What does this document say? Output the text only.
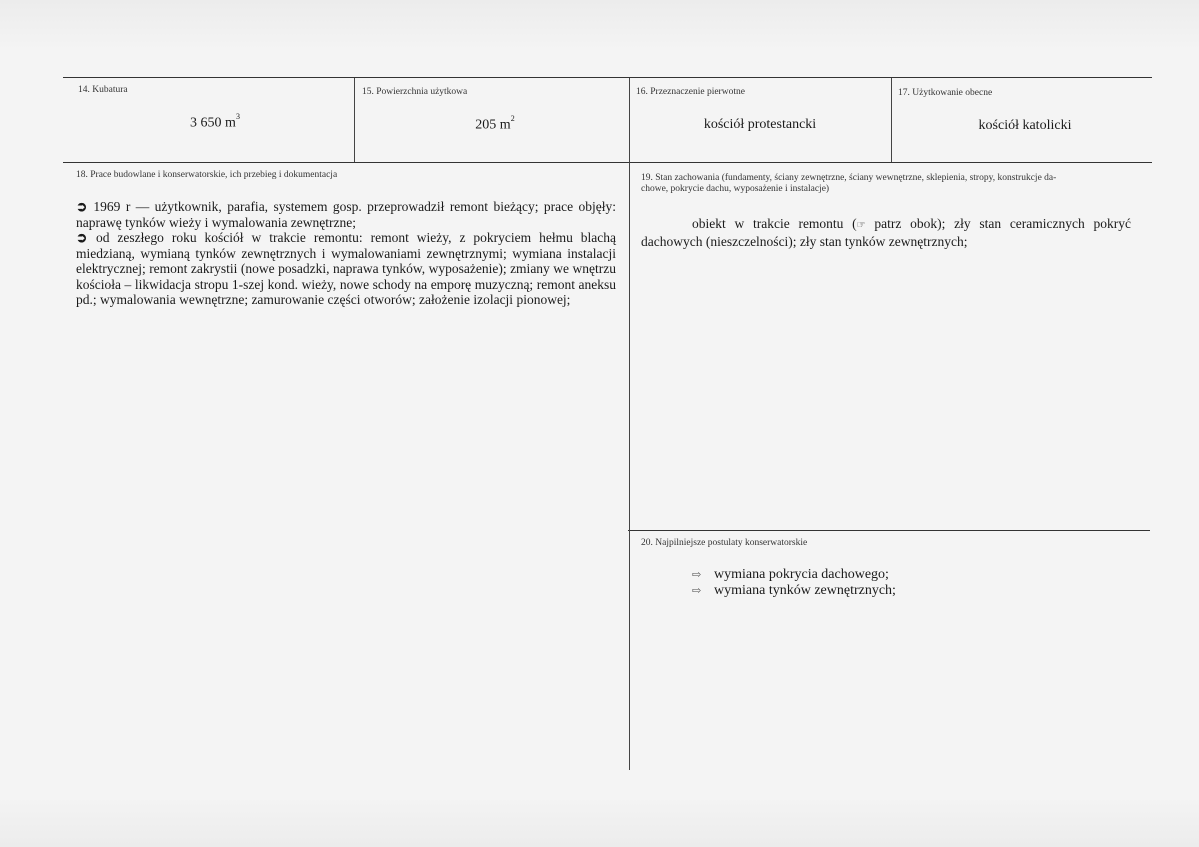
14. Kubatura
3 650 $m^3$
15. Powierzchnia użytkowa
205 $m^2$
16. Przeznaczenie pierwotne
kościół protestancki
17. Użytkowanie obecne
kościół katolicki
18. Prace budowlane i konserwatorskie, ich przebieg i dokumentacja

➲ 1969 r — użytkownik, parafia, systemem gosp. przeprowadził remont bieżący; prace objęły: naprawę tynków wieży i wymalowania zewnętrzne;

➲ od zeszłego roku kościół w trakcie remontu: remont wieży, z pokryciem hełmu blachą miedzianą, wymianą tynków zewnętrznych i wymalowaniami zewnętrznymi; wymiana instalacji elektrycznej; remont zakrystii (nowe posadzki, naprawa tynków, wyposażenie); zmiany we wnętrzu kościoła – likwidacja stropu 1-szej kond. wieży, nowe schody na emporę muzyczną; remont aneksu pd.; wymalowania wewnętrzne; zamurowanie części otworów; założenie izolacji pionowej;

19. Stan zachowania (fundamenty, ściany zewnętrzne, ściany wewnętrzne, sklepienia, stropy, konstrukcje da-
chowe, pokrycie dachu, wyposażenie i instalacje)

obiekt w trakcie remontu (☞ patrz obok); zły stan ceramicznych pokryć dachowych (nieszczelności); zły stan tynków zewnętrznych;

20. Najpilniejsze postulaty konserwatorskie
⇨ wymiana pokrycia dachowego;
⇨ wymiana tynków zewnętrznych;
